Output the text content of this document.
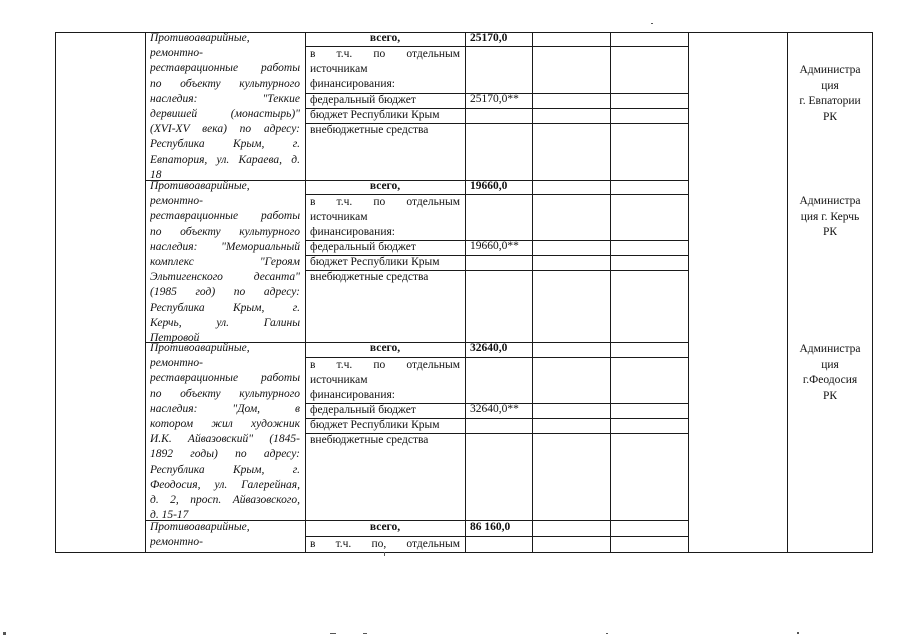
Противоаварийные,
ремонтно-
реставрационные работы
по объекту культурного
наследия: "Теккие
дервишей (монастырь)"
(XVI-XV века) по адресу:
Республика Крым, г.
Евпатория, ул. Караева, д.
18
всего,	25170,0
в т.ч. по отдельным
источникам
финансирования:
федеральный бюджет	25170,0**
бюджет Республики Крым
внебюджетные средства
Администра
ция
г. Евпатории
РК
Противоаварийные,
ремонтно-
реставрационные работы
по объекту культурного
наследия: "Мемориальный
комплекс "Героям
Эльтигенского десанта"
(1985 год) по адресу:
Республика Крым, г.
Керчь, ул. Галины
Петровой
всего,	19660,0
в т.ч. по отдельным
источникам
финансирования:
федеральный бюджет	19660,0**
бюджет Республики Крым
внебюджетные средства
Администра
ция г. Керчь
РК
Противоаварийные,
ремонтно-
реставрационные работы
по объекту культурного
наследия: "Дом, в
котором жил художник
И.К. Айвазовский" (1845-
1892 годы) по адресу:
Республика Крым, г.
Феодосия, ул. Галерейная,
д. 2, просп. Айвазовского,
д. 15-17
всего,	32640,0
в т.ч. по отдельным
источникам
финансирования:
федеральный бюджет	32640,0**
бюджет Республики Крым
внебюджетные средства
Администра
ция
г.Феодосия
РК
Противоаварийные,
ремонтно-
всего,	86 160,0
в т.ч. по, отдельным
